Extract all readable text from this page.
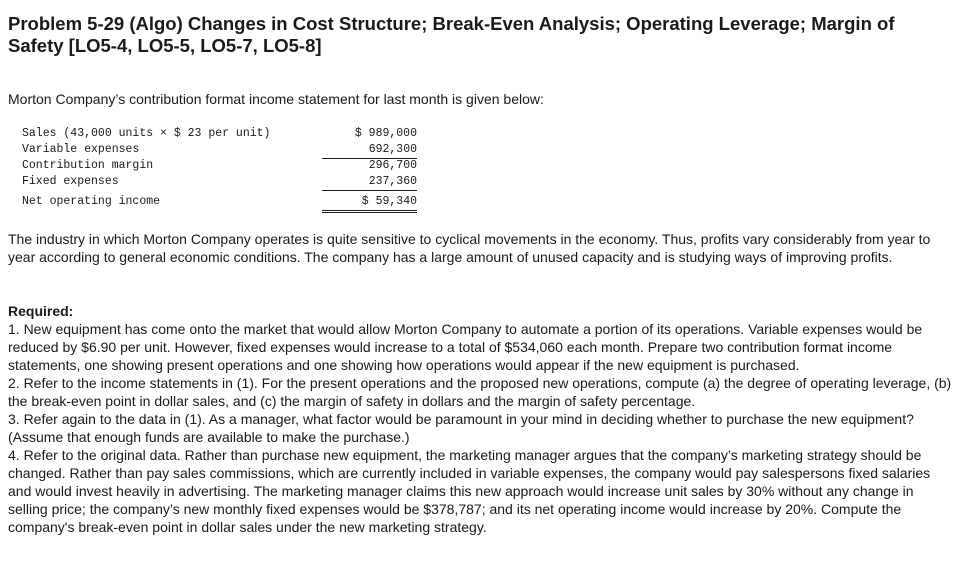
Problem 5-29 (Algo) Changes in Cost Structure; Break-Even Analysis; Operating Leverage; Margin of Safety [LO5-4, LO5-5, LO5-7, LO5-8]

Morton Company’s contribution format income statement for last month is given below:

Sales (43,000 units × $ 23 per unit)	$ 989,000
Variable expenses	692,300
Contribution margin	296,700
Fixed expenses	237,360
Net operating income	$ 59,340

The industry in which Morton Company operates is quite sensitive to cyclical movements in the economy. Thus, profits vary considerably from year to year according to general economic conditions. The company has a large amount of unused capacity and is studying ways of improving profits.

Required:

1. New equipment has come onto the market that would allow Morton Company to automate a portion of its operations. Variable expenses would be reduced by $6.90 per unit. However, fixed expenses would increase to a total of $534,060 each month. Prepare two contribution format income statements, one showing present operations and one showing how operations would appear if the new equipment is purchased.

2. Refer to the income statements in (1). For the present operations and the proposed new operations, compute (a) the degree of operating leverage, (b) the break-even point in dollar sales, and (c) the margin of safety in dollars and the margin of safety percentage.

3. Refer again to the data in (1). As a manager, what factor would be paramount in your mind in deciding whether to purchase the new equipment? (Assume that enough funds are available to make the purchase.)

4. Refer to the original data. Rather than purchase new equipment, the marketing manager argues that the company’s marketing strategy should be changed. Rather than pay sales commissions, which are currently included in variable expenses, the company would pay salespersons fixed salaries and would invest heavily in advertising. The marketing manager claims this new approach would increase unit sales by 30% without any change in selling price; the company’s new monthly fixed expenses would be $378,787; and its net operating income would increase by 20%. Compute the company's break-even point in dollar sales under the new marketing strategy.
